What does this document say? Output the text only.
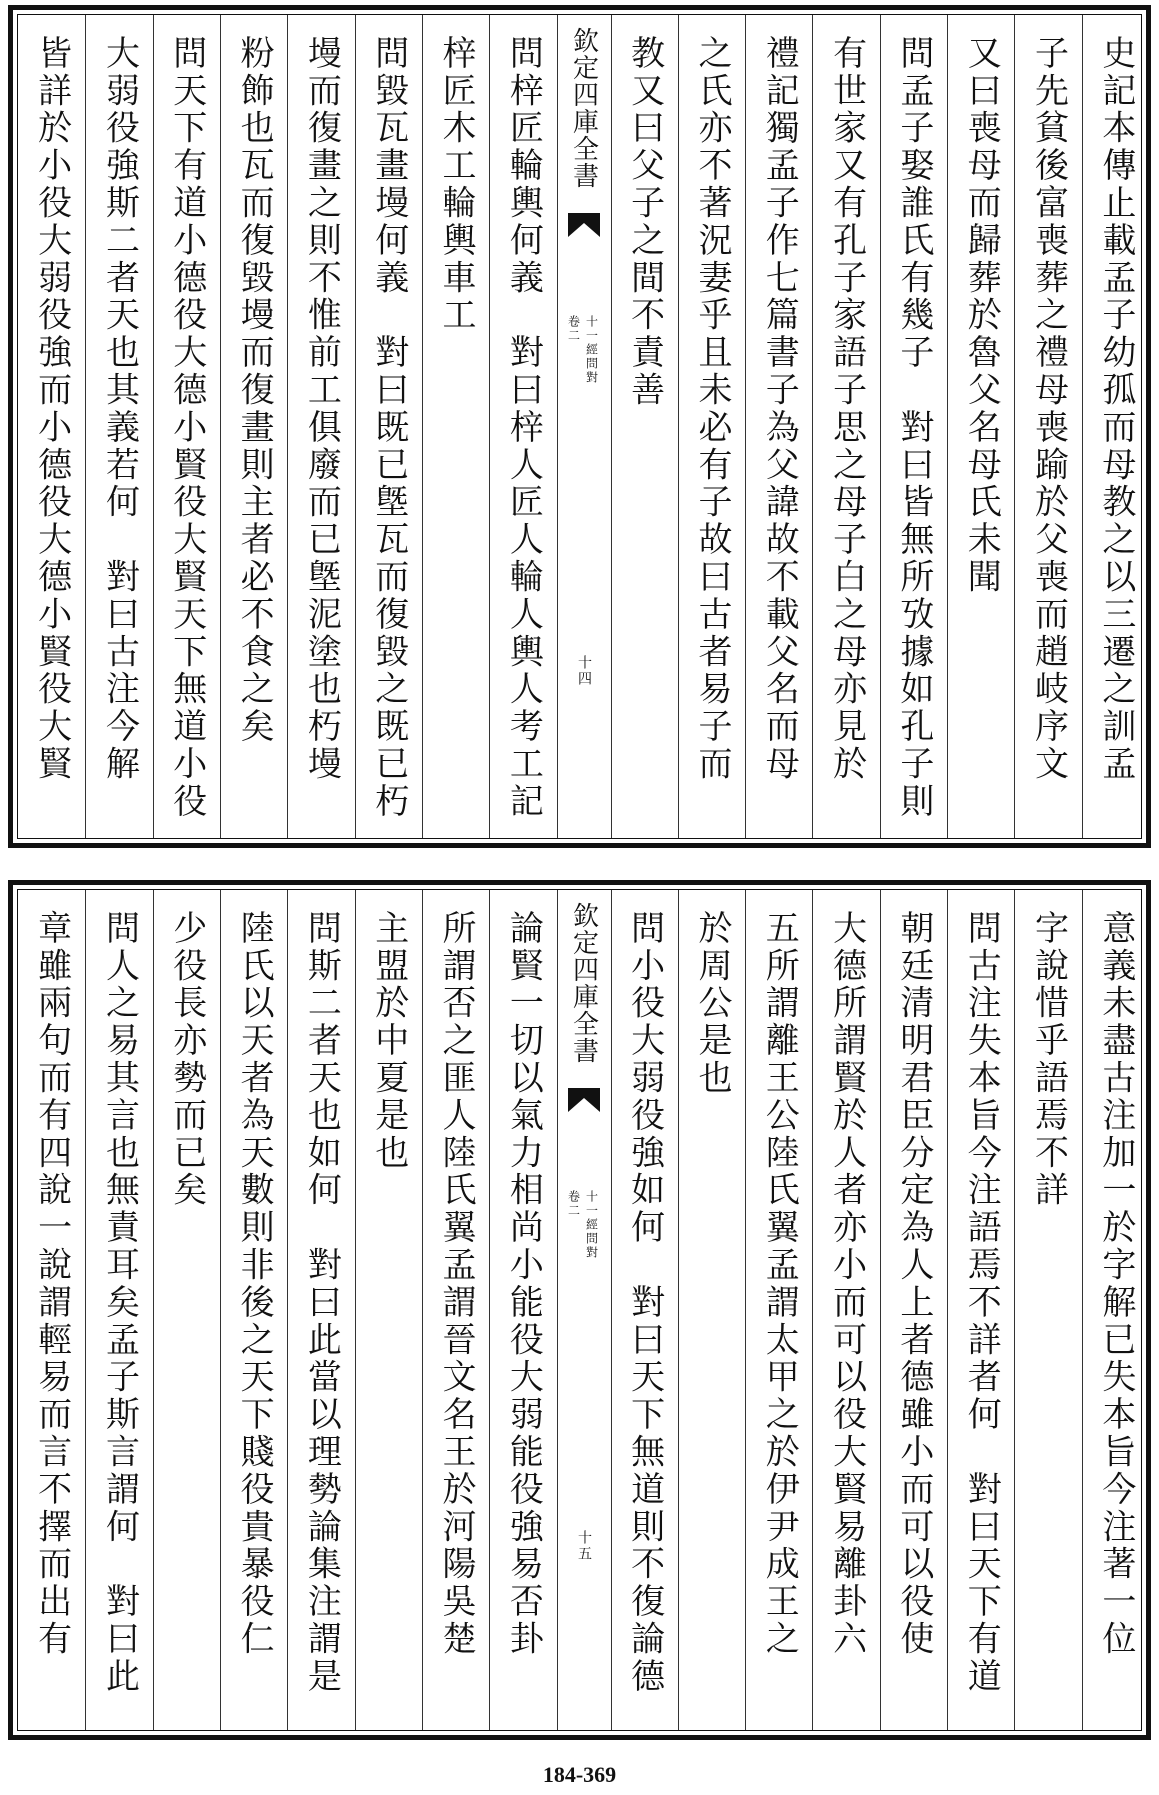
史記本傳止載孟子幼孤而母教之以三遷之訓孟
子先貧後富喪葬之禮母喪踰於父喪而趙岐序文
又曰喪母而歸葬於魯父名母氏未聞
問孟子娶誰氏有幾子　對曰皆無所攷據如孔子則
有世家又有孔子家語子思之母子白之母亦見於
禮記獨孟子作七篇書子為父諱故不載父名而母
之氏亦不著況妻乎且未必有子故曰古者易子而
教又曰父子之間不責善
欽定四庫全書
卷二 十一經問對
十四
問梓匠輪輿何義　對曰梓人匠人輪人輿人考工記
梓匠木工輪輿車工
問毀瓦畫墁何義　對曰既已墍瓦而復毀之既已朽
墁而復畫之則不惟前工俱廢而已墍泥塗也朽墁
粉飾也瓦而復毀墁而復畫則主者必不食之矣
問天下有道小德役大德小賢役大賢天下無道小役
大弱役強斯二者天也其義若何　對曰古注今解
皆詳於小役大弱役強而小德役大德小賢役大賢
意義未盡古注加一於字解已失本旨今注著一位
字說惜乎語焉不詳
問古注失本旨今注語焉不詳者何　對曰天下有道
朝廷清明君臣分定為人上者德雖小而可以役使
大德所謂賢於人者亦小而可以役大賢易離卦六
五所謂離王公陸氏翼孟謂太甲之於伊尹成王之
於周公是也
問小役大弱役強如何　對曰天下無道則不復論德
欽定四庫全書
卷二 十一經問對
十五
論賢一切以氣力相尚小能役大弱能役強易否卦
所謂否之匪人陸氏翼孟謂晉文名王於河陽吳楚
主盟於中夏是也
問斯二者天也如何　對曰此當以理勢論集注謂是
陸氏以天者為天數則非後之天下賤役貴暴役仁
少役長亦勢而已矣
問人之易其言也無責耳矣孟子斯言謂何　對曰此
章雖兩句而有四說一說謂輕易而言不擇而出有
184-369
